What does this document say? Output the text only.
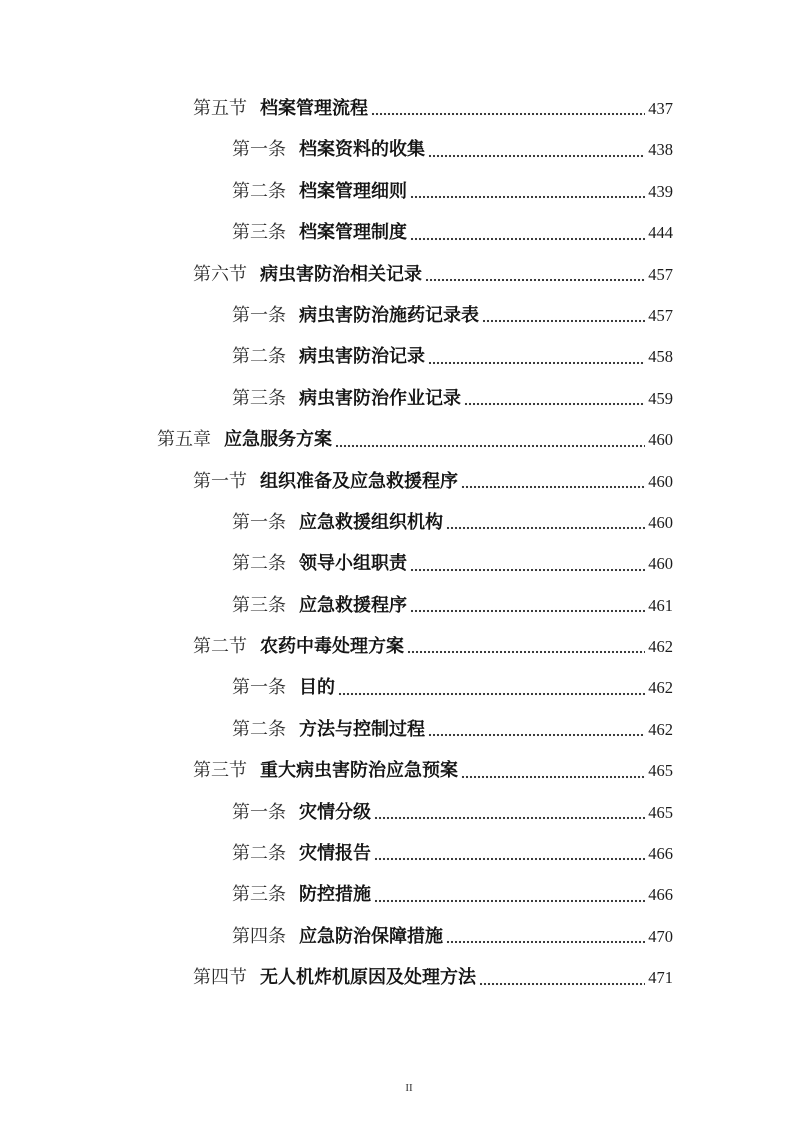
第五节 档案管理流程	437
第一条 档案资料的收集	438
第二条 档案管理细则	439
第三条 档案管理制度	444
第六节 病虫害防治相关记录	457
第一条 病虫害防治施药记录表	457
第二条 病虫害防治记录	458
第三条 病虫害防治作业记录	459
第五章 应急服务方案	460
第一节 组织准备及应急救援程序	460
第一条 应急救援组织机构	460
第二条 领导小组职责	460
第三条 应急救援程序	461
第二节 农药中毒处理方案	462
第一条 目的	462
第二条 方法与控制过程	462
第三节 重大病虫害防治应急预案	465
第一条 灾情分级	465
第二条 灾情报告	466
第三条 防控措施	466
第四条 应急防治保障措施	470
第四节 无人机炸机原因及处理方法	471
II
